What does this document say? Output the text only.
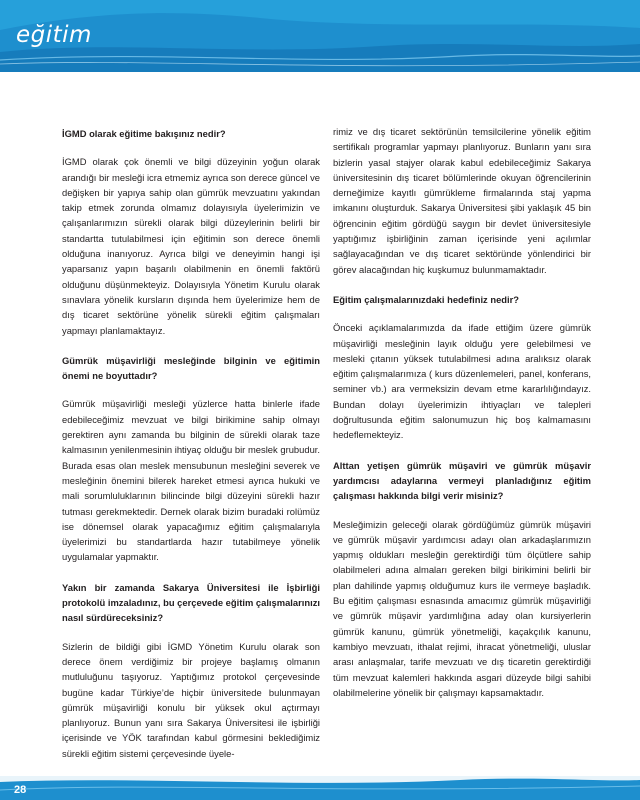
eğitim
İGMD olarak eğitime bakışınız nedir?

İGMD olarak çok önemli ve bilgi düzeyinin yoğun olarak arandığı bir mesleği icra etmemiz ayrıca son derece güncel ve değişken bir yapıya sahip olan gümrük mevzuatını yakından takip etmek zorunda olmamız dolayısıyla üyelerimizin ve çalışanlarımızın sürekli olarak bilgi düzeylerinin belirli bir standartta tutulabilmesi için eğitimin son derece önemli olduğuna inanıyoruz. Ayrıca bilgi ve deneyimin hangi işi yaparsanız yapın başarılı olabilmenin en önemli faktörü olduğunu düşünmekteyiz. Dolayısıyla Yönetim Kurulu olarak sınavlara yönelik kursların dışında hem üyelerimize hem de dış ticaret sektörüne yönelik sürekli eğitim çalışmaları yapmayı planlamaktayız.

Gümrük müşavirliği mesleğinde bilginin ve eğitimin önemi ne boyuttadır?

Gümrük müşavirliği mesleği yüzlerce hatta binlerle ifade edebileceğimiz mevzuat ve bilgi birikimine sahip olmayı gerektiren aynı zamanda bu bilginin de sürekli olarak taze kalmasının yenilenmesinin ihtiyaç olduğu bir meslek grubudur. Burada esas olan meslek mensubunun mesleğini severek ve mesleğinin önemini bilerek hareket etmesi ayrıca hukuki ve mali sorumluluklarının bilincinde bilgi düzeyini sürekli hazır tutması gerekmektedir. Dernek olarak bizim buradaki rolümüz ise dönemsel olarak yapacağımız eğitim çalışmalarıyla üyelerimizi bu standartlarda hazır tutabilmeye yönelik uygulamalar yapmaktır.

Yakın bir zamanda Sakarya Üniversitesi ile İşbirliği protokolü imzaladınız, bu çerçevede eğitim çalışmalarınızı nasıl sürdüreceksiniz?

Sizlerin de bildiği gibi İGMD Yönetim Kurulu olarak son derece önem verdiğimiz bir projeye başlamış olmanın mutluluğunu taşıyoruz. Yaptığımız protokol çerçevesinde bugüne kadar Türkiye’de hiçbir üniversitede bulunmayan gümrük müşavirliği konulu bir yüksek okul açtırmayı planlıyoruz. Bunun yanı sıra Sakarya Üniversitesi ile işbirliği içerisinde ve YÖK tarafından kabul görmesini beklediğimiz sürekli eğitim sistemi çerçevesinde üyele-

rimiz ve dış ticaret sektörünün temsilcilerine yönelik eğitim sertifikalı programlar yapmayı planlıyoruz. Bunların yanı sıra bizlerin yasal stajyer olarak kabul edebileceğimiz Sakarya üniversitesinin dış ticaret bölümlerinde okuyan öğrencilerinin derneğimize kayıtlı gümrükleme firmalarında staj yapma imkanını oluşturduk. Sakarya Üniversitesi şibi yaklaşık 45 bin öğrencinin eğitim gördüğü saygın bir devlet üniversitesiyle yaptığımız işbirliğinin zaman içerisinde yeni açılımlar sağlayacağından ve dış ticaret sektöründe yönlendirici bir görev alacağından hiç kuşkumuz bulunmamaktadır.

Eğitim çalışmalarınızdaki hedefiniz nedir?

Önceki açıklamalarımızda da ifade ettiğim üzere gümrük müşavirliği mesleğinin layık olduğu yere gelebilmesi ve mesleki çıtanın yüksek tutulabilmesi adına aralıksız olarak eğitim çalışmalarımıza ( kurs düzenlemeleri, panel, konferans, seminer vb.) ara vermeksizin devam etme kararlılığındayız. Bundan dolayı üyelerimizin ihtiyaçları ve talepleri doğrultusunda eğitim salonumuzun hiç boş kalmamasını hedeflemekteyiz.

Alttan yetişen gümrük müşaviri ve gümrük müşavir yardımcısı adaylarına vermeyi planladığınız eğitim çalışması hakkında bilgi verir misiniz?

Mesleğimizin geleceği olarak gördüğümüz gümrük müşaviri ve gümrük müşavir yardımcısı adayı olan arkadaşlarımızın yapmış oldukları mesleğin gerektirdiği tüm ölçütlere sahip olabilmeleri adına almaları gereken bilgi birikimini belirli bir plan dahilinde yapmış olduğumuz kurs ile vermeye başladık. Bu eğitim çalışması esnasında amacımız gümrük müşavirliği ve gümrük müşavir yardımlığına aday olan kursiyerlerin gümrük kanunu, gümrük yönetmeliği, kaçakçılık kanunu, kambiyo mevzuatı, ithalat rejimi, ihracat yönetmeliği, uluslar arası anlaşmalar, tarife mevzuatı ve dış ticaretin gerektirdiği tüm mevzuat kalemleri hakkında asgari düzeyde bilgi sahibi olabilmelerine yönelik bir çalışmayı kapsamaktadır.

28
